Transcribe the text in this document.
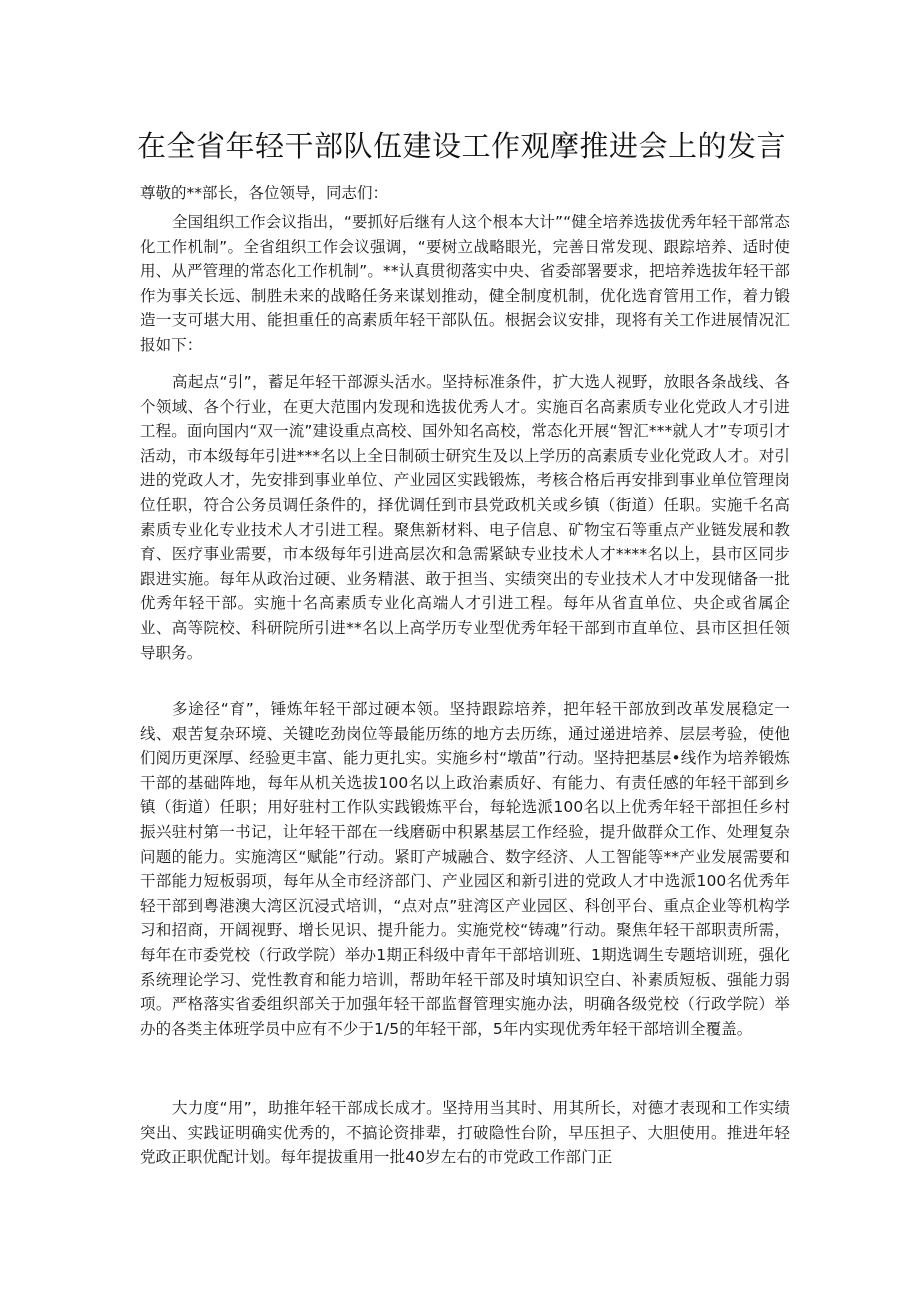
在全省年轻干部队伍建设工作观摩推进会上的发言

尊敬的**部长，各位领导，同志们：

全国组织工作会议指出，“要抓好后继有人这个根本大计”“健全培养选拔优秀年轻干部常态化工作机制”。全省组织工作会议强调，“要树立战略眼光，完善日常发现、跟踪培养、适时使用、从严管理的常态化工作机制”。**认真贯彻落实中央、省委部署要求，把培养选拔年轻干部作为事关长远、制胜未来的战略任务来谋划推动，健全制度机制，优化选育管用工作，着力锻造一支可堪大用、能担重任的高素质年轻干部队伍。根据会议安排，现将有关工作进展情况汇报如下：

高起点“引”，蓄足年轻干部源头活水。坚持标准条件，扩大选人视野，放眼各条战线、各个领域、各个行业，在更大范围内发现和选拔优秀人才。实施百名高素质专业化党政人才引进工程。面向国内“双一流”建设重点高校、国外知名高校，常态化开展“智汇***就人才”专项引才活动，市本级每年引进***名以上全日制硕士研究生及以上学历的高素质专业化党政人才。对引进的党政人才，先安排到事业单位、产业园区实践锻炼，考核合格后再安排到事业单位管理岗位任职，符合公务员调任条件的，择优调任到市县党政机关或乡镇（街道）任职。实施千名高素质专业化专业技术人才引进工程。聚焦新材料、电子信息、矿物宝石等重点产业链发展和教育、医疗事业需要，市本级每年引进高层次和急需紧缺专业技术人才****名以上，县市区同步跟进实施。每年从政治过硬、业务精湛、敢于担当、实绩突出的专业技术人才中发现储备一批优秀年轻干部。实施十名高素质专业化高端人才引进工程。每年从省直单位、央企或省属企业、高等院校、科研院所引进**名以上高学历专业型优秀年轻干部到市直单位、县市区担任领导职务。

多途径“育”，锤炼年轻干部过硬本领。坚持跟踪培养，把年轻干部放到改革发展稳定一线、艰苦复杂环境、关键吃劲岗位等最能历练的地方去历练，通过递进培养、层层考验，使他们阅历更深厚、经验更丰富、能力更扎实。实施乡村“墩苗”行动。坚持把基层•线作为培养锻炼干部的基础阵地，每年从机关选拔100名以上政治素质好、有能力、有责任感的年轻干部到乡镇（街道）任职；用好驻村工作队实践锻炼平台，每轮选派100名以上优秀年轻干部担任乡村振兴驻村第一书记，让年轻干部在一线磨砺中积累基层工作经验，提升做群众工作、处理复杂问题的能力。实施湾区“赋能”行动。紧盯产城融合、数字经济、人工智能等**产业发展需要和干部能力短板弱项，每年从全市经济部门、产业园区和新引进的党政人才中选派100名优秀年轻干部到粤港澳大湾区沉浸式培训，“点对点”驻湾区产业园区、科创平台、重点企业等机构学习和招商，开阔视野、增长见识、提升能力。实施党校“铸魂”行动。聚焦年轻干部职责所需，每年在市委党校（行政学院）举办1期正科级中青年干部培训班、1期选调生专题培训班，强化系统理论学习、党性教育和能力培训，帮助年轻干部及时填知识空白、补素质短板、强能力弱项。严格落实省委组织部关于加强年轻干部监督管理实施办法，明确各级党校（行政学院）举办的各类主体班学员中应有不少于1/5的年轻干部，5年内实现优秀年轻干部培训全覆盖。

大力度“用”，助推年轻干部成长成才。坚持用当其时、用其所长，对德才表现和工作实绩突出、实践证明确实优秀的，不搞论资排辈，打破隐性台阶，早压担子、大胆使用。推进年轻党政正职优配计划。每年提拔重用一批40岁左右的市党政工作部门正
